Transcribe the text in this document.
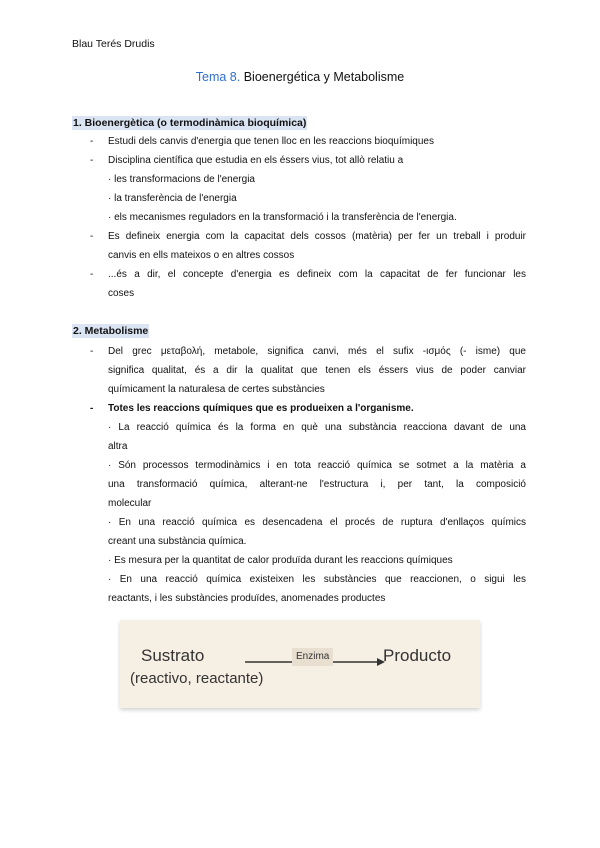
Blau Terés Drudis
Tema 8. Bioenergética y Metabolisme
1. Bioenergètica (o termodinàmica bioquímica)
- Estudi dels canvis d'energia que tenen lloc en les reaccions bioquímiques
- Disciplina científica que estudia en els éssers vius, tot allò relatiu a
· les transformacions de l'energia
· la transferència de l'energia
· els mecanismes reguladors en la transformació i la transferència de l'energia.
- Es defineix energia com la capacitat dels cossos (matèria) per fer un treball i produir
canvis en ells mateixos o en altres cossos
- ...és a dir, el concepte d'energia es defineix com la capacitat de fer funcionar les
coses
2. Metabolisme
- Del grec μεταβολή, metabole, significa canvi, més el sufix -ισμός (- isme) que
significa qualitat, és a dir la qualitat que tenen els éssers vius de poder canviar
químicament la naturalesa de certes substàncies
- Totes les reaccions químiques que es produeixen a l'organisme.
· La reacció química és la forma en què una substància reacciona davant de una
altra
· Són processos termodinàmics i en tota reacció química se sotmet a la matèria a
una transformació química, alterant-ne l'estructura i, per tant, la composició
molecular
· En una reacció química es desencadena el procés de ruptura d'enllaços químics
creant una substància química.
· Es mesura per la quantitat de calor produïda durant les reaccions químiques
· En una reacció química existeixen les substàncies que reaccionen, o sigui les
reactants, i les substàncies produïdes, anomenades productes
Sustrato
(reactivo, reactante)
Enzima	Producto
